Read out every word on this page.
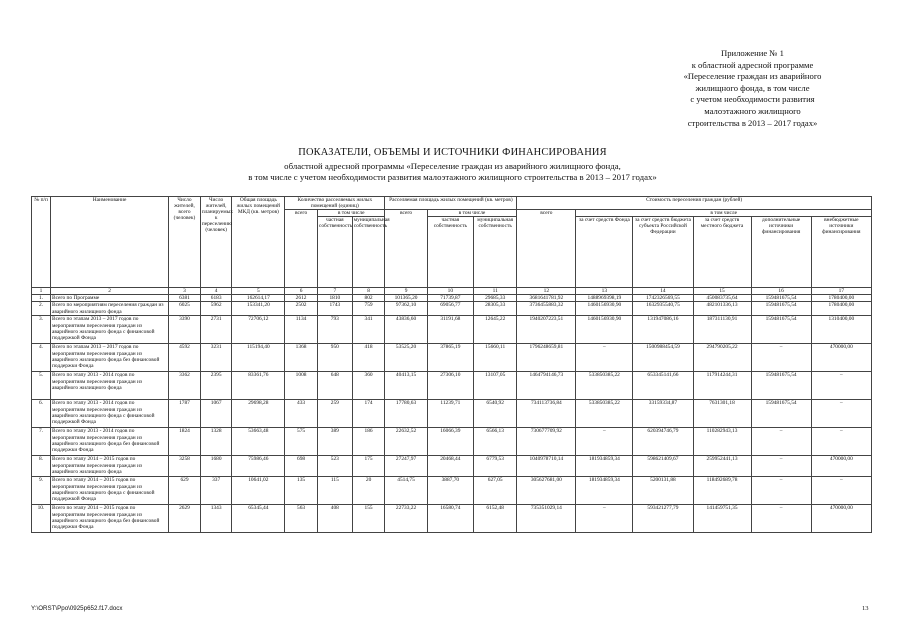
Приложение № 1
к областной адресной программе
«Переселение граждан из аварийного
жилищного фонда, в том числе
с учетом необходимости развития
малоэтажного жилищного
строительства в 2013 – 2017 годах»
ПОКАЗАТЕЛИ, ОБЪЕМЫ И ИСТОЧНИКИ ФИНАНСИРОВАНИЯ
областной адресной программы «Переселение граждан из аварийного жилищного фонда,
в том числе с учетом необходимости развития малоэтажного жилищного строительства в 2013 – 2017 годах»
№ п/п	Наименование	Число жителей, всего (человек)	Число жителей, планируемых к переселению (человек)	Общая площадь жилых помещений МКД (кв. метров)	Количество расселяемых жилых помещений (единиц)			Расселяемая площадь жилых помещений (кв. метров)			Стоимость переселения граждан (рублей)					
					всего	в том числе		всего	в том числе		всего	в том числе				
						частная собственность	муниципальная собственность		частная собственность	муниципальная собственность		за счет средств Фонда	за счет средств бюджета субъекта Российской Федерации	за счет средств местного бюджета	дополнительные источники финансирования	внебюджетные источники финансирования
1	2	3	4	5	6	7	8	9	10	11	12	13	14	15	16	17
1.	Всего по Программе	6381	6183	162614,17	2612	1810	802	101365,20	71739,87	29685,33	3681641781,92	1488969398,19	1742326569,55	450083735,64	159481675,54	1780400,00
2.	Всего по мероприятиям переселения граждан из аварийного жилищного фонда	6025	5962	153341,20	2502	1743	759	97362,10	69056,77	28305,33	3736455883,32	1460156930,90	1632935540,75	482101336,13	159481675,54	1780400,00
3.	Всего по этапам 2013 – 2017 годов по мероприятиям переселения граждан из аварийного жилищного фонда с финансовой поддержкой Фонда	3390	2731	72706,12	1134	793	341	43836,60	31191,68	12645,22	1940207223,51	1460156930,90	131947086,16	187311130,91	159481675,54	1310400,00
4.	Всего по этапам 2013 – 2017 годов по мероприятиям переселения граждан из аварийного жилищного фонда без финансовой поддержки Фонда	4592	3231	115194,40	1368	950	418	53525,20	37865,19	15660,11	1796248659,81	–	1500988454,59	294790205,22	–	470000,00
5.	Всего по этапу 2013 - 2014 годов по мероприятиям переселения граждан из аварийного жилищного фонда	3362	2395	83361,76	1008	648	360	40413,15	27306,10	13107,05	1464794146,73	533850385,22	653345141,66	117914244,31	159481675,54	–
6.	Всего по этапу 2013 - 2014 годов по мероприятиям переселения граждан из аварийного жилищного фонда с финансовой поддержкой Фонда	1787	1067	29698,28	433	259	174	17780,63	11239,71	6540,92	734113736,84	533850385,22	33159334,87	7631301,18	159481675,54	–
7.	Всего по этапу 2013 - 2014 годов по мероприятиям переселения граждан из аварийного жилищного фонда без финансовой поддержки Фонда	1824	1328	53663,48	575	389	186	22632,52	16066,39	6566,13	730677709,92	–	620394746,79	110282943,13	–	–
8.	Всего по этапу 2014 – 2015 годов по мероприятиям переселения граждан из аварийного жилищного фонда	3258	1680	75986,46	698	523	175	27247,97	20468,44	6779,53	1040978710,14	181934859,34	598621409,67	259952441,13	–	470000,00
9.	Всего по этапу 2014 – 2015 годов по мероприятиям переселения граждан из аварийного жилищного фонда с финансовой поддержкой Фонда	629	337	10641,02	135	115	20	4514,75	3887,70	627,05	305627681,00	181934859,34	5200131,88	118492689,78	–	–
10.	Всего по этапу 2014 – 2015 годов по мероприятиям переселения граждан из аварийного жилищного фонда без финансовой поддержки Фонда	2629	1343	65345,44	563	408	155	22733,22	16580,74	6152,48	735351029,14	–	593421277,79	141459751,35	–	470000,00
Y:\ORST\Ppo\0925p652.f17.docx	13
